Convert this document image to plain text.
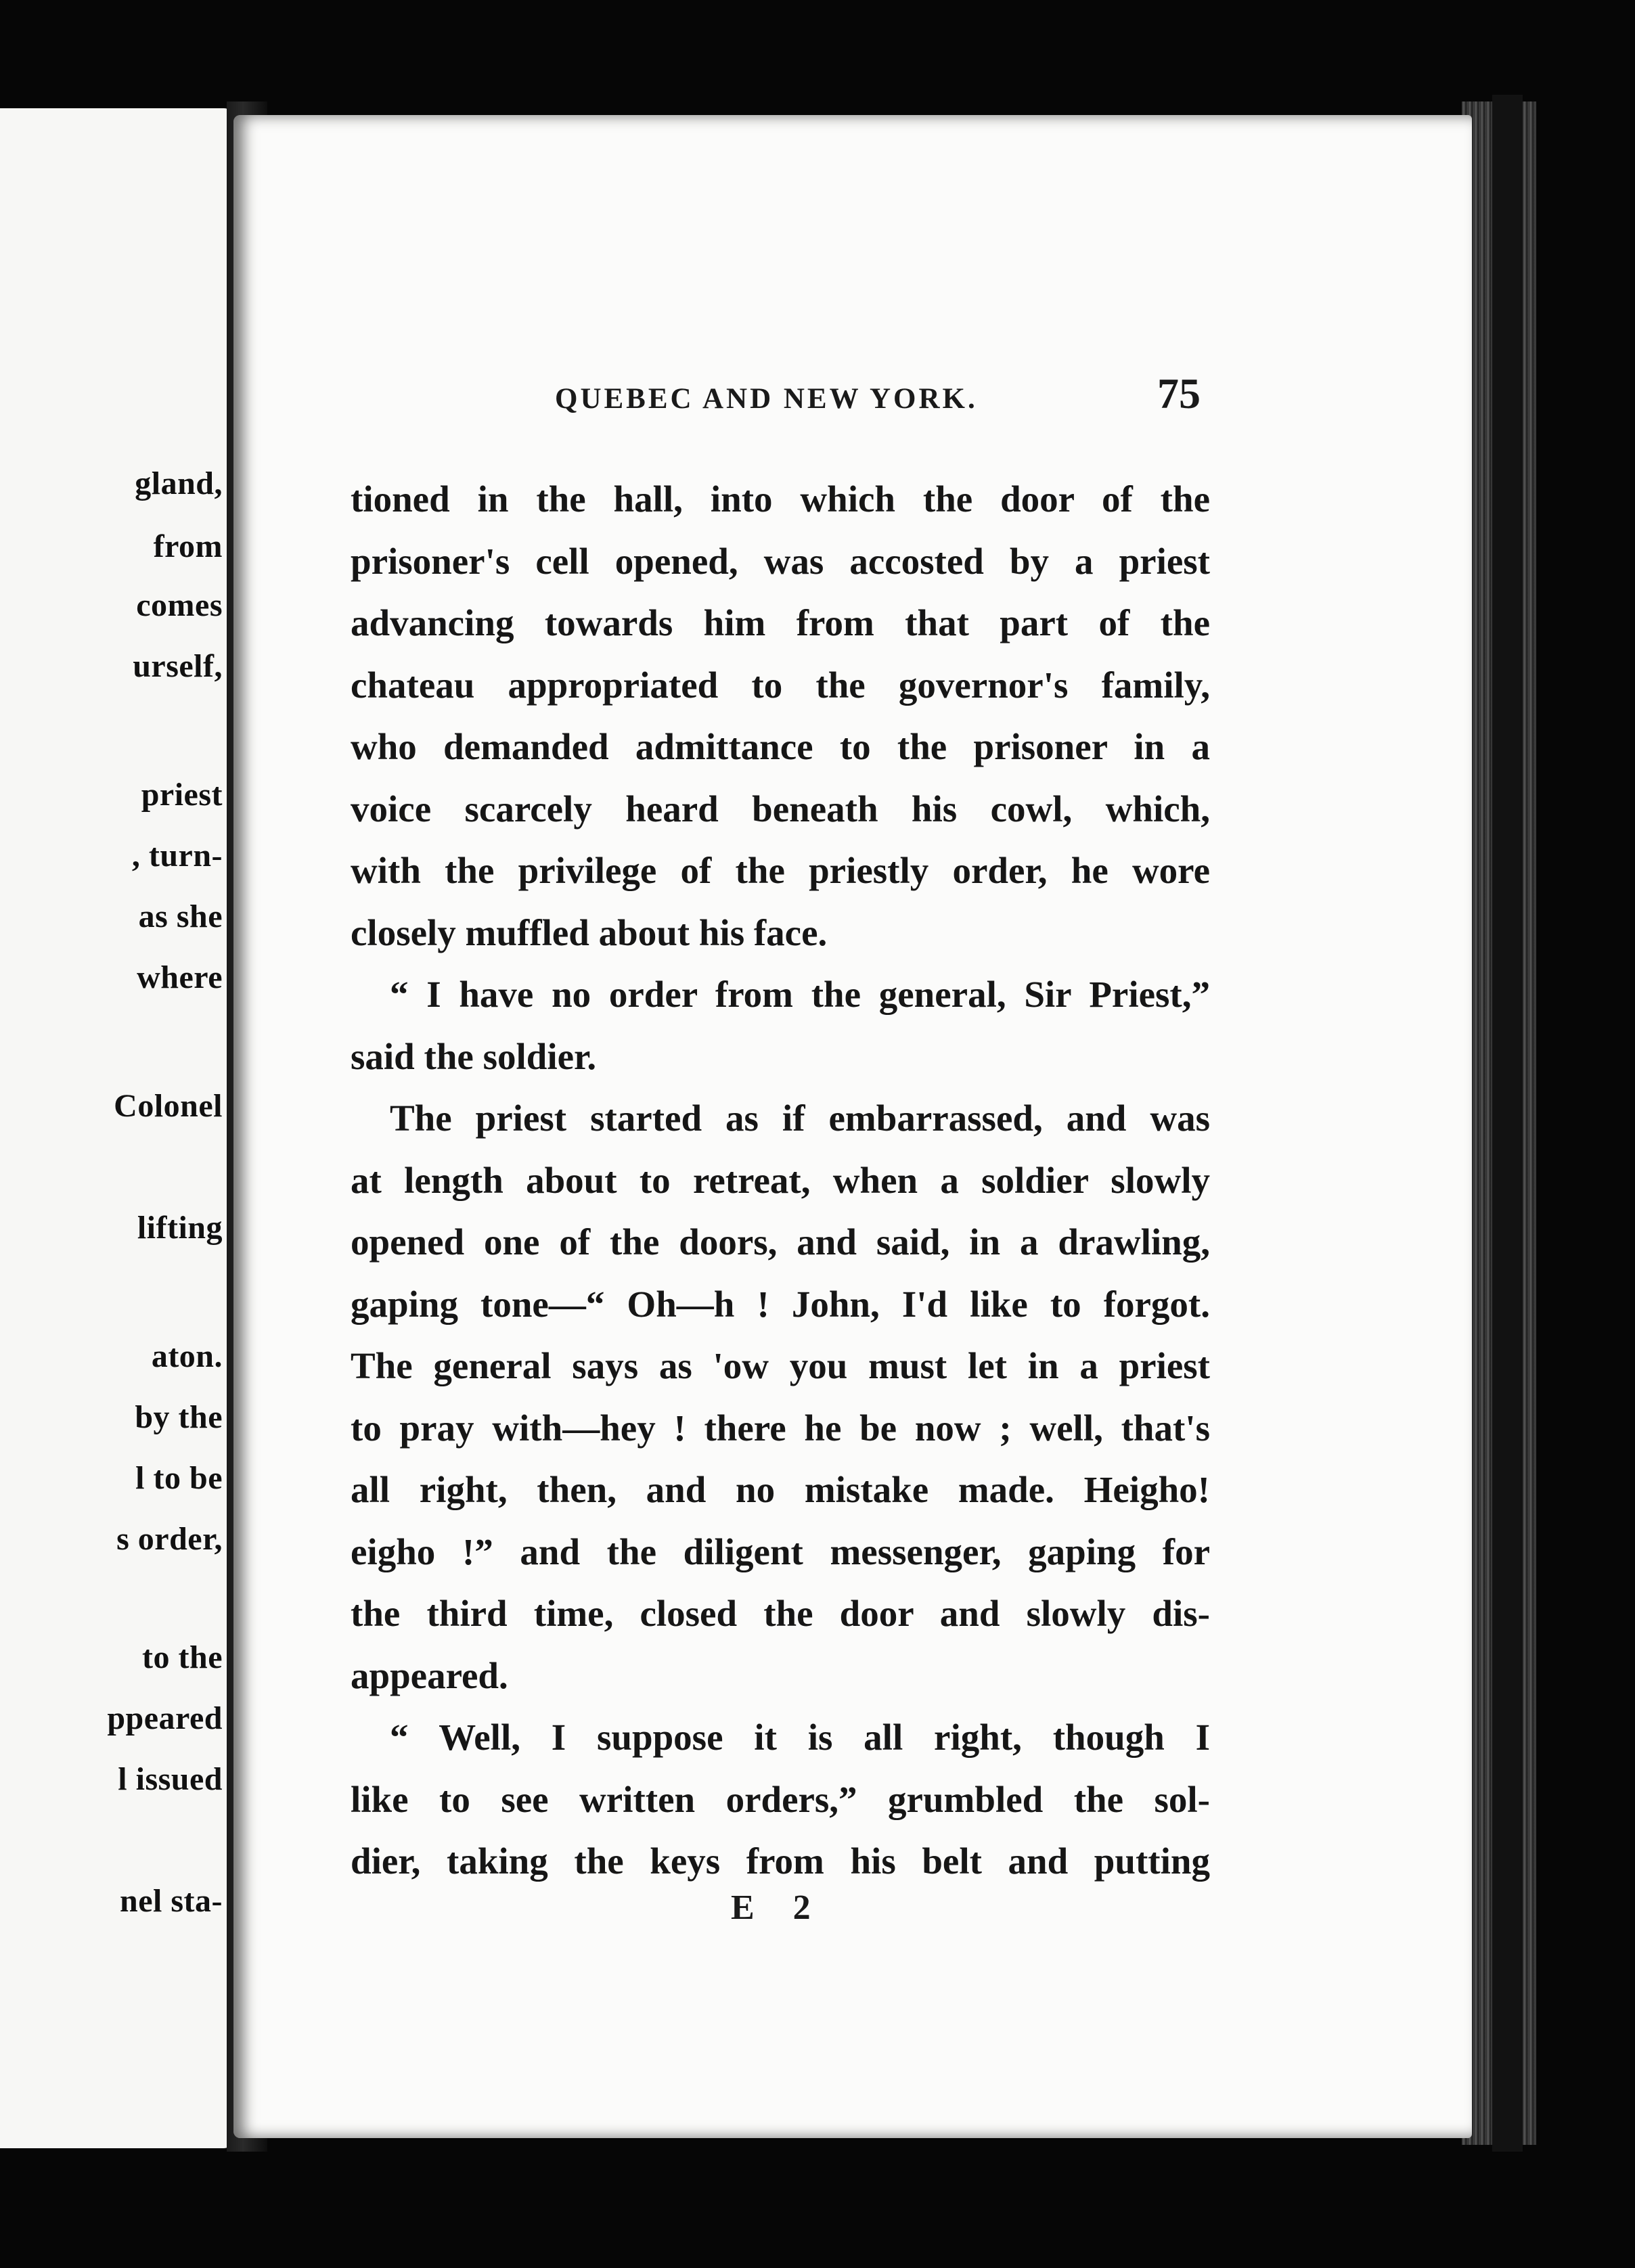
gland,

from

comes

urself,

priest

, turn-

as she

where

Colonel

lifting

aton.

by the

l to be

s order,

to the

ppeared

l issued

nel sta-

QUEBEC AND NEW YORK.	75

tioned in the hall, into which the door of the
prisoner's cell opened, was accosted by a priest
advancing towards him from that part of the
chateau appropriated to the governor's family,
who demanded admittance to the prisoner in a
voice scarcely heard beneath his cowl, which,
with the privilege of the priestly order, he wore
closely muffled about his face.
“ I have no order from the general, Sir Priest,”
said the soldier.
The priest started as if embarrassed, and was
at length about to retreat, when a soldier slowly
opened one of the doors, and said, in a drawling,
gaping tone—“ Oh—h ! John, I'd like to forgot.
The general says as 'ow you must let in a priest
to pray with—hey ! there he be now ; well, that's
all right, then, and no mistake made. Heigho!
eigho !” and the diligent messenger, gaping for
the third time, closed the door and slowly dis-
appeared.
“ Well, I suppose it is all right, though I
like to see written orders,” grumbled the sol-
dier, taking the keys from his belt and putting

E 2
